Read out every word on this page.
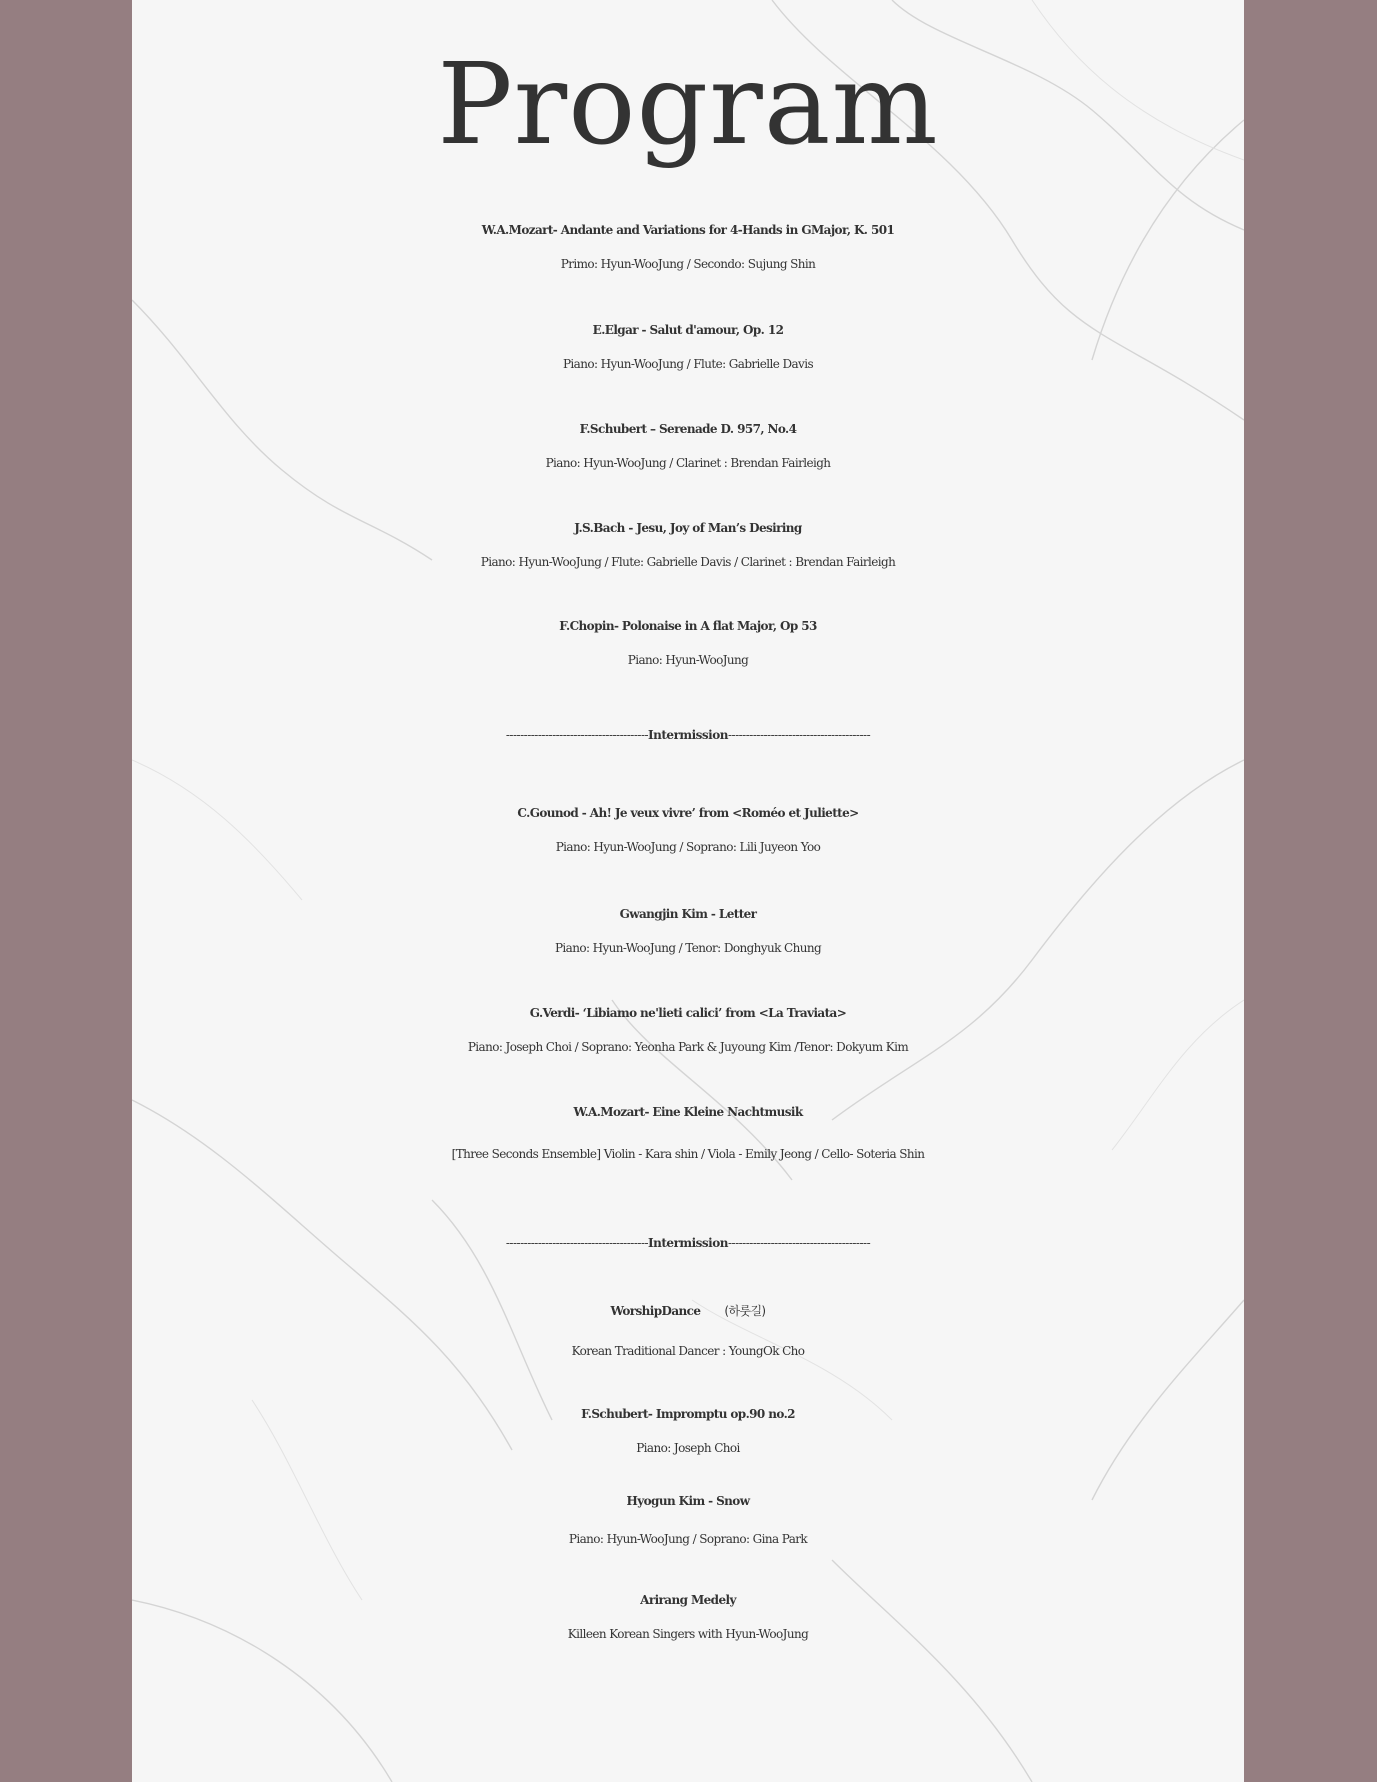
Program
W.A.Mozart- Andante and Variations for 4-Hands in GMajor, K. 501
Primo: Hyun-WooJung / Secondo: Sujung Shin
E.Elgar - Salut d'amour, Op. 12
Piano: Hyun-WooJung / Flute: Gabrielle Davis
F.Schubert – Serenade D. 957, No.4
Piano: Hyun-WooJung / Clarinet : Brendan Fairleigh
J.S.Bach - Jesu, Joy of Man’s Desiring
Piano: Hyun-WooJung / Flute: Gabrielle Davis / Clarinet : Brendan Fairleigh
F.Chopin- Polonaise in A flat Major, Op 53
Piano: Hyun-WooJung
----------------------------------------Intermission----------------------------------------
C.Gounod - Ah! Je veux vivre’ from <Roméo et Juliette>
Piano: Hyun-WooJung / Soprano: Lili Juyeon Yoo
Gwangjin Kim - Letter
Piano: Hyun-WooJung / Tenor: Donghyuk Chung
G.Verdi- ‘Libiamo ne'lieti calici’ from <La Traviata>
Piano: Joseph Choi / Soprano: Yeonha Park & Juyoung Kim /Tenor: Dokyum Kim
W.A.Mozart- Eine Kleine Nachtmusik
[Three Seconds Ensemble] Violin - Kara shin / Viola - Emily Jeong / Cello- Soteria Shin
----------------------------------------Intermission----------------------------------------
WorshipDance (하룻길)
Korean Traditional Dancer : YoungOk Cho
F.Schubert- Impromptu op.90 no.2
Piano: Joseph Choi
Hyogun Kim - Snow
Piano: Hyun-WooJung / Soprano: Gina Park
Arirang Medely
Killeen Korean Singers with Hyun-WooJung
